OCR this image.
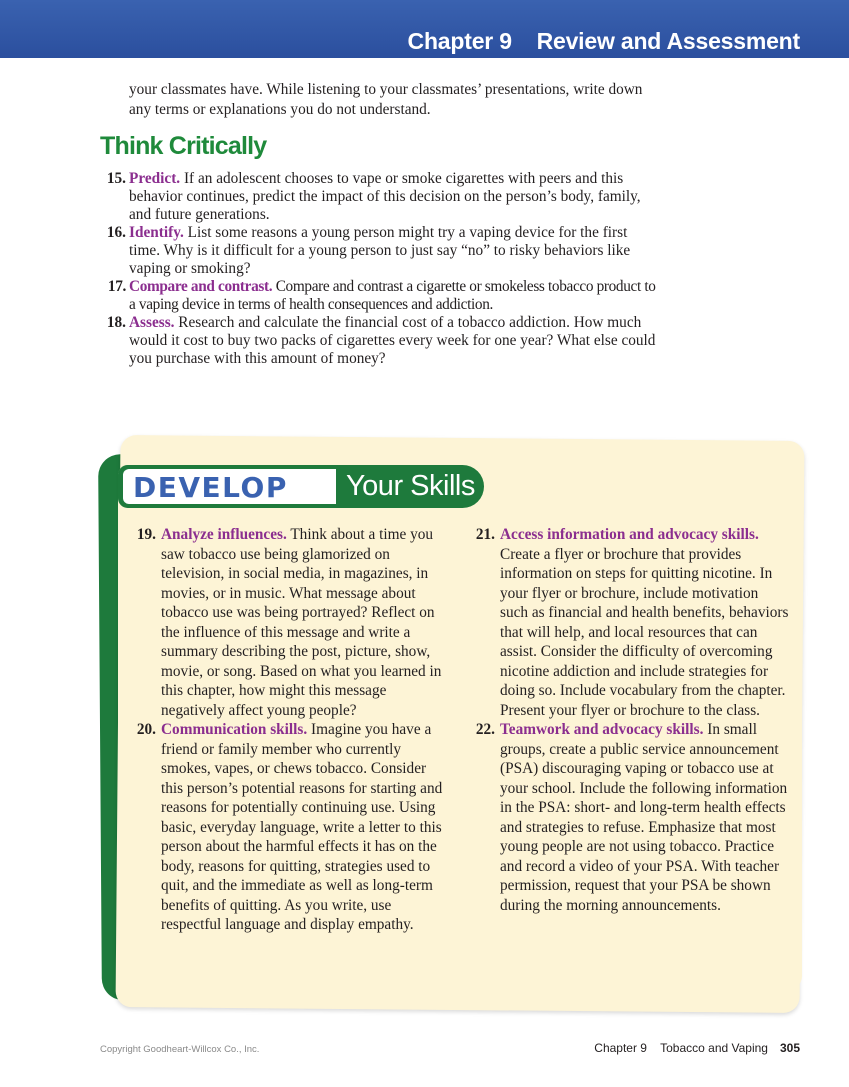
Chapter 9 Review and Assessment
your classmates have. While listening to your classmates’ presentations, write down any terms or explanations you do not understand.
Think Critically
15. Predict. If an adolescent chooses to vape or smoke cigarettes with peers and this behavior continues, predict the impact of this decision on the person’s body, family, and future generations.
16. Identify. List some reasons a young person might try a vaping device for the first time. Why is it difficult for a young person to just say “no” to risky behaviors like vaping or smoking?
17. Compare and contrast. Compare and contrast a cigarette or smokeless tobacco product to a vaping device in terms of health consequences and addiction.
18. Assess. Research and calculate the financial cost of a tobacco addiction. How much would it cost to buy two packs of cigarettes every week for one year? What else could you purchase with this amount of money?
DEVELOP Your Skills
19. Analyze influences. Think about a time you saw tobacco use being glamorized on television, in social media, in magazines, in movies, or in music. What message about tobacco use was being portrayed? Reflect on the influence of this message and write a summary describing the post, picture, show, movie, or song. Based on what you learned in this chapter, how might this message negatively affect young people?
20. Communication skills. Imagine you have a friend or family member who currently smokes, vapes, or chews tobacco. Consider this person’s potential reasons for starting and reasons for potentially continuing use. Using basic, everyday language, write a letter to this person about the harmful effects it has on the body, reasons for quitting, strategies used to quit, and the immediate as well as long-term benefits of quitting. As you write, use respectful language and display empathy.
21. Access information and advocacy skills. Create a flyer or brochure that provides information on steps for quitting nicotine. In your flyer or brochure, include motivation such as financial and health benefits, behaviors that will help, and local resources that can assist. Consider the difficulty of overcoming nicotine addiction and include strategies for doing so. Include vocabulary from the chapter. Present your flyer or brochure to the class.
22. Teamwork and advocacy skills. In small groups, create a public service announcement (PSA) discouraging vaping or tobacco use at your school. Include the following information in the PSA: short- and long-term health effects and strategies to refuse. Emphasize that most young people are not using tobacco. Practice and record a video of your PSA. With teacher permission, request that your PSA be shown during the morning announcements.
Copyright Goodheart-Willcox Co., Inc.	Chapter 9 Tobacco and Vaping 305
